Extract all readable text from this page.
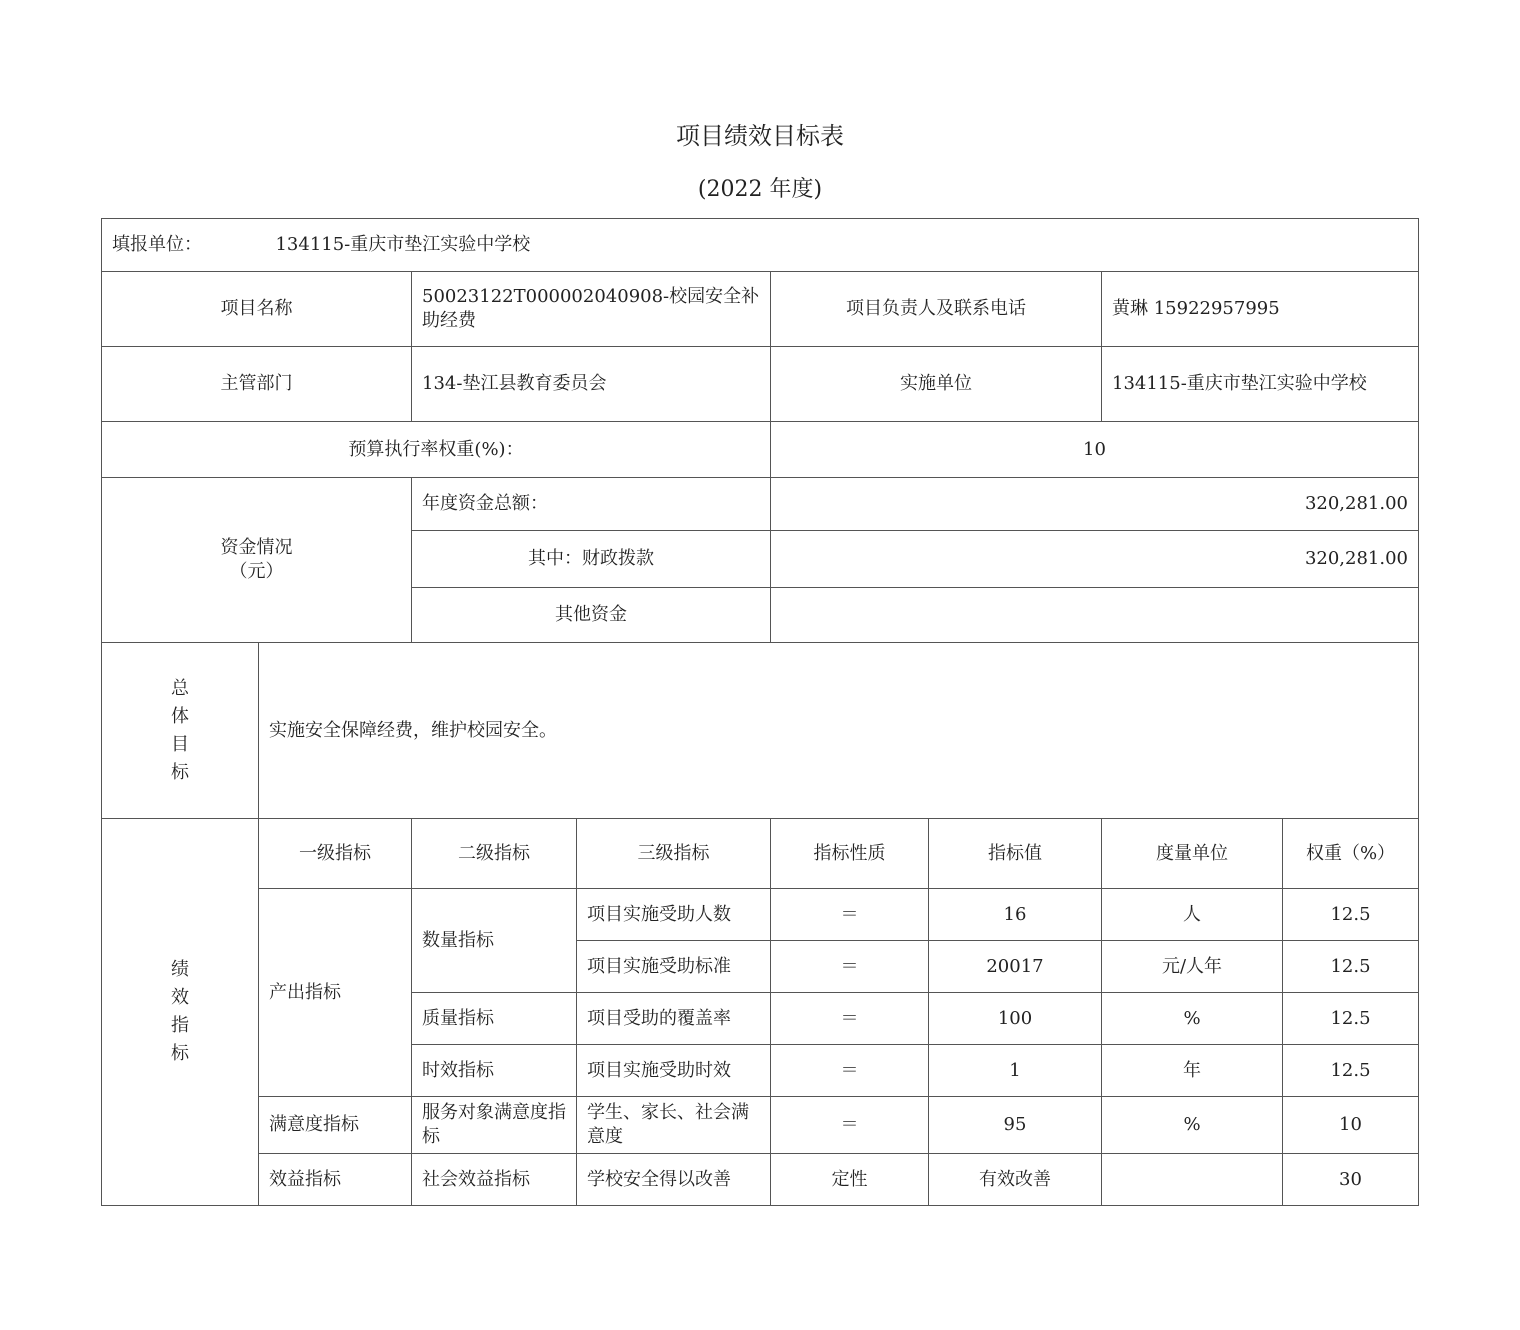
项目绩效目标表
(2022 年度)
填报单位： 134115-重庆市垫江实验中学校							
项目名称		50023122T000002040908-校园安全补助经费		项目负责人及联系电话		黄琳 15922957995	
主管部门		134-垫江县教育委员会		实施单位		134115-重庆市垫江实验中学校	
预算执行率权重(%)：				10			

资金情况
（元）		年度资金总额：		320,281.00			
		其中：财政拨款		320,281.00			
		其他资金					

总
体
目
标	实施安全保障经费，维护校园安全。						

绩
效
指
标	一级指标	二级指标	三级指标	指标性质	指标值	度量单位	权重（%）
	产出指标	数量指标	项目实施受助人数	＝	16	人	12.5
			项目实施受助标准	＝	20017	元/人年	12.5
		质量指标	项目受助的覆盖率	＝	100	%	12.5
		时效指标	项目实施受助时效	＝	1	年	12.5
	满意度指标	服务对象满意度指标	学生、家长、社会满意度	＝	95	%	10
	效益指标	社会效益指标	学校安全得以改善	定性	有效改善		30
